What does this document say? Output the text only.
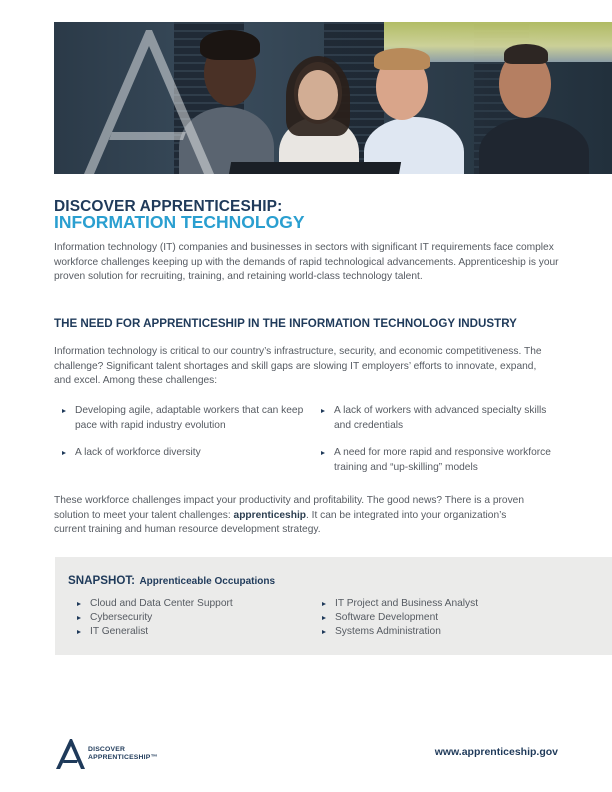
DISCOVER APPRENTICESHIP:
INFORMATION TECHNOLOGY

Information technology (IT) companies and businesses in sectors with significant IT requirements face complex workforce challenges keeping up with the demands of rapid technological advancements. Apprenticeship is your proven solution for recruiting, training, and retaining world-class technology talent.

THE NEED FOR APPRENTICESHIP IN THE INFORMATION TECHNOLOGY INDUSTRY

Information technology is critical to our country’s infrastructure, security, and economic competitiveness. The challenge? Significant talent shortages and skill gaps are slowing IT employers’ efforts to innovate, expand, and excel. Among these challenges:

Developing agile, adaptable workers that can keep pace with rapid industry evolution
A lack of workforce diversity
A lack of workers with advanced specialty skills and credentials
A need for more rapid and responsive workforce training and “up-skilling” models

These workforce challenges impact your productivity and profitability. The good news? There is a proven solution to meet your talent challenges: apprenticeship. It can be integrated into your organization’s current training and human resource development strategy.

SNAPSHOT: Apprenticeable Occupations
Cloud and Data Center Support
Cybersecurity
IT Generalist
IT Project and Business Analyst
Software Development
Systems Administration
DISCOVER
APPRENTICESHIP™	www.apprenticeship.gov
